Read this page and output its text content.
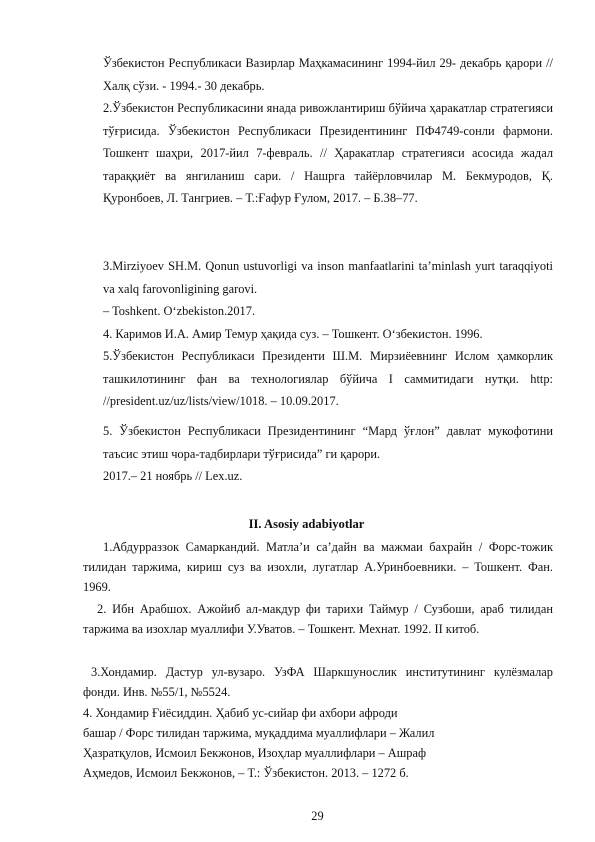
Ўзбекистон Республикаси Вазирлар Маҳкамасининг 1994-йил 29- декабрь қарори // Халқ сўзи. - 1994.- 30 декабрь.

2.Ўзбекистон Республикасини янада ривожлантириш бўйича ҳаракатлар стратегияси тўғрисида. Ўзбекистон Республикаси Президентининг ПФ4749-сонли фармони. Тошкент шаҳри, 2017-йил 7-февраль. // Ҳаракатлар стратегияси асосида жадал тараққиёт ва янгиланиш сари. / Нашрга тайёрловчилар М. Бекмуродов, Қ. Қуронбоев, Л. Тангриев. – Т.:Ғафур Ғулом, 2017. – Б.38–77.

3.Mirziyoev SH.M. Qonun ustuvorligi va inson manfaatlarini ta’minlash yurt taraqqiyoti va xalq farovonligining garovi.

– Toshkent. O‘zbekiston.2017.

4. Каримов И.А. Амир Темур ҳақида суз. – Тошкент. O‘збекистон. 1996.

5.Ўзбекистон Республикаси Президенти Ш.М. Мирзиёевнинг Ислом ҳамкорлик ташкилотининг фан ва технологиялар бўйича I саммитидаги нутқи. http: //president.uz/uz/lists/view/1018. – 10.09.2017.

5. Ўзбекистон Республикаси Президентининг “Мард ўғлон” давлат мукофотини таъсис этиш чора-тадбирлари тўғрисида” ги қарори.

2017.– 21 ноябрь // Lex.uz.

II. Asosiy adabiyotlar

1.Абдурраззок Самаркандий. Матла’и са’дайн ва мажмаи бахрайн / Форс-тожик тилидан таржима, кириш суз ва изохли, лугатлар А.Уринбоевники. – Тошкент. Фан. 1969.

2. Ибн Арабшох. Ажойиб ал-макдур фи тарихи Таймур / Сузбоши, араб тилидан таржима ва изохлар муаллифи У.Уватов. – Тошкент. Мехнат. 1992. II китоб.

3.Хондамир. Дастур ул-вузаро. УзФА Шаркшунослик институтининг кулёзмалар фонди. Инв. №55/1, №5524.

4. Хондамир Ғиёсиддин. Ҳабиб ус-сийар фи ахбори афроди
башар / Форс тилидан таржима, муқаддима муаллифлари – Жалил
Ҳазратқулов, Исмоил Бекжонов, Изоҳлар муаллифлари – Ашраф
Аҳмедов, Исмоил Бекжонов, – Т.: Ўзбекистон. 2013. – 1272 б.
29
